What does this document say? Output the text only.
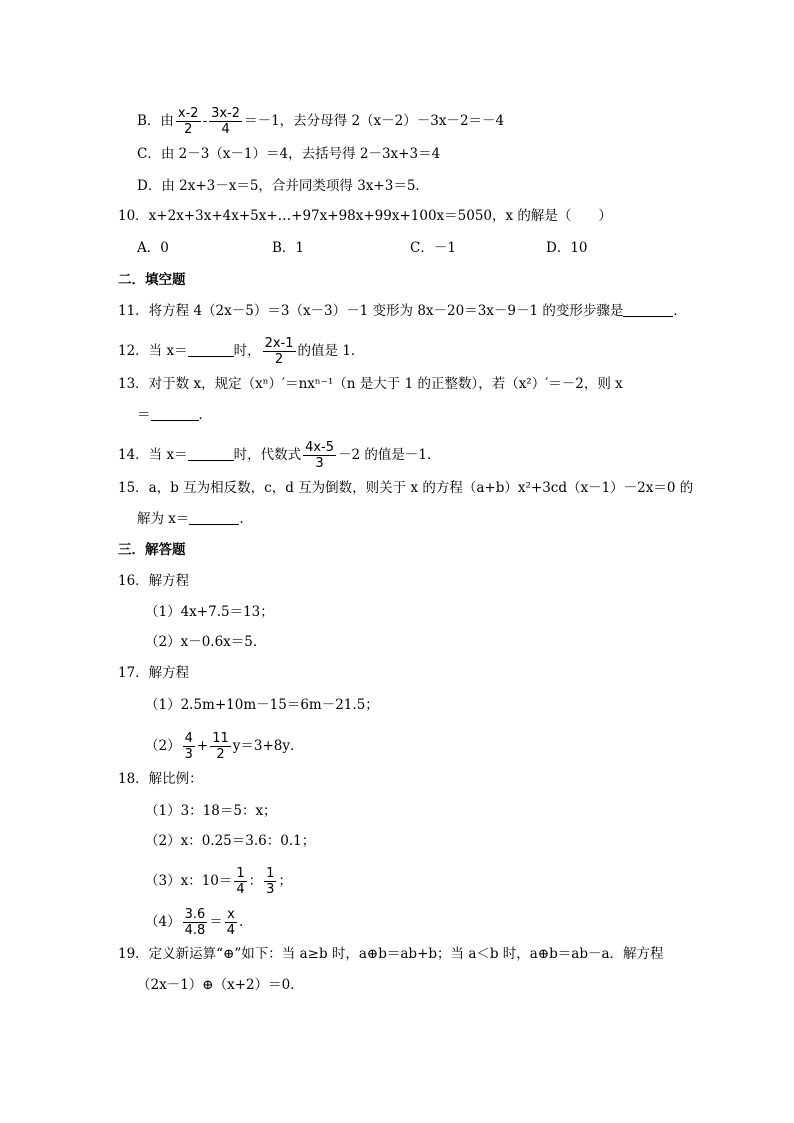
B．由 $\frac{x-2}{2} - \frac{3x-2}{4} =-1$，去分母得 2（x－2）－3x－2＝－4
C．由 2－3（x－1）＝4，去括号得 2－3x+3＝4
D．由 2x+3－x＝5，合并同类项得 3x+3＝5．
10．x+2x+3x+4x+5x+…+97x+98x+99x+100x＝5050，x 的解是（　　）
A．0	B．1	C．－1	D．10
二．填空题
11．将方程 4（2x－5）＝3（x－3）－1 变形为 8x－20＝3x－9－1 的变形步骤是	．
12．当 x＝	时， $\frac{2x-1}{2}$ 的值是 1．
13．对于数 x，规定（xⁿ）′＝nxⁿ⁻¹（n 是大于 1 的正整数），若（x²）′＝－2，则 x
＝	．
14．当 x＝	时，代数式 $\frac{4x-5}{3} -2$ 的值是－1．
15．a，b 互为相反数，c，d 互为倒数，则关于 x 的方程（a+b）x²+3cd（x－1）－2x＝0 的
解为 x＝	．
三．解答题
16．解方程
（1）4x+7.5＝13；
（2）x－0.6x＝5．
17．解方程
（1）2.5m+10m－15＝6m－21.5；
$(2) \frac{4}{3} + \frac{11}{2} y=3+8y$．
18．解比例：
（1）3：18＝5：x；
（2）x：0.25＝3.6：0.1；
（3）x：$10= \frac{1}{4}$ ： $\frac{1}{3}$ ；
$(4) \frac{3.6}{4.8} = \frac{x}{4}$ ．
19．定义新运算“⊕”如下：当 a≥b 时，a⊕b＝ab+b；当 a＜b 时，a⊕b＝ab－a．解方程
（2x－1）⊕（x+2）＝0．
